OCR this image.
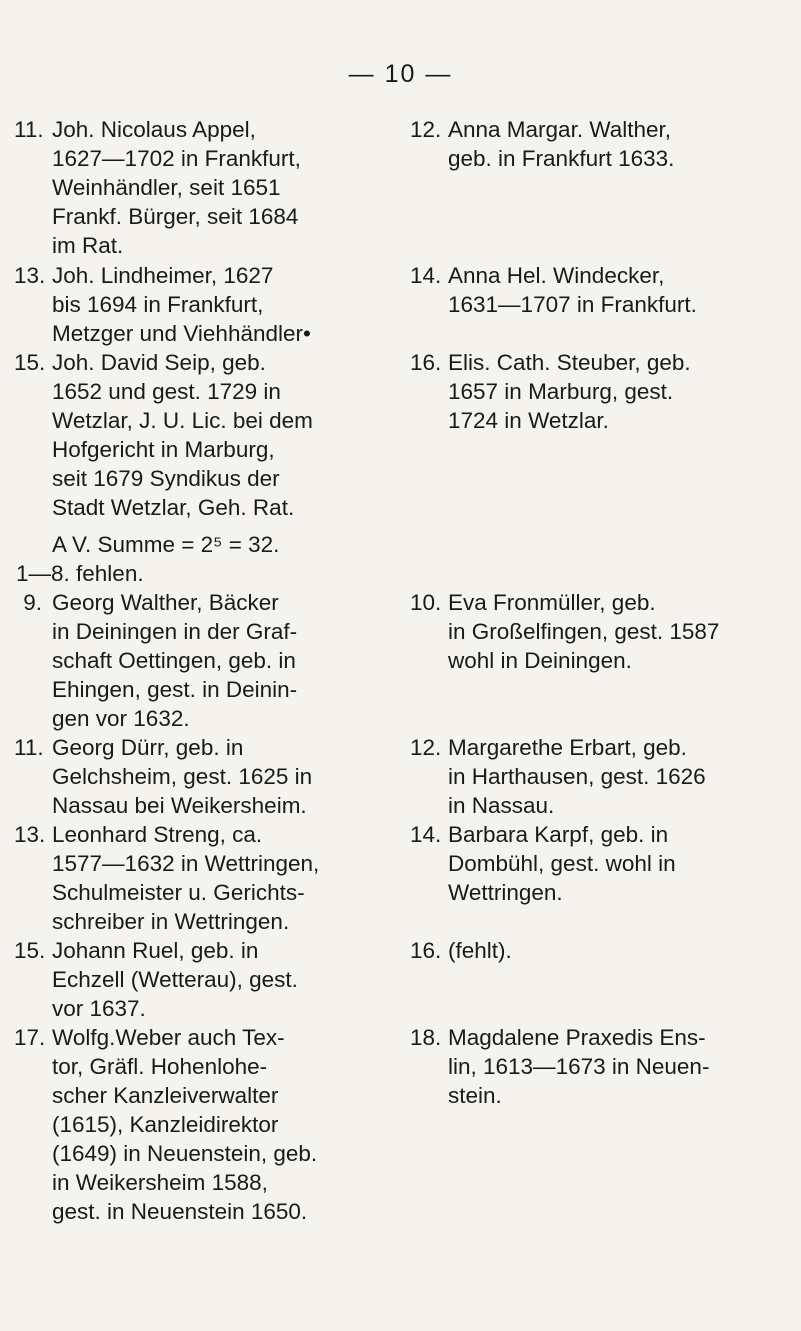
— 10 —
11. Joh. Nicolaus Appel,
1627—1702 in Frankfurt,
Weinhändler, seit 1651
Frankf. Bürger, seit 1684
im Rat.
13. Joh. Lindheimer, 1627
bis 1694 in Frankfurt,
Metzger und Viehhändler•
15. Joh. David Seip, geb.
1652 und gest. 1729 in
Wetzlar, J. U. Lic. bei dem
Hofgericht in Marburg,
seit 1679 Syndikus der
Stadt Wetzlar, Geh. Rat.
12. Anna Margar. Walther,
geb. in Frankfurt 1633.
14. Anna Hel. Windecker,
1631—1707 in Frankfurt.
16. Elis. Cath. Steuber, geb.
1657 in Marburg, gest.
1724 in Wetzlar.
A V. Summe = 2⁵ = 32.
1—8. fehlen.
9. Georg Walther, Bäcker
in Deiningen in der Graf-
schaft Oettingen, geb. in
Ehingen, gest. in Deinin-
gen vor 1632.
11. Georg Dürr, geb. in
Gelchsheim, gest. 1625 in
Nassau bei Weikersheim.
13. Leonhard Streng, ca.
1577—1632 in Wettringen,
Schulmeister u. Gerichts-
schreiber in Wettringen.
15. Johann Ruel, geb. in
Echzell (Wetterau), gest.
vor 1637.
17. Wolfg.Weber auch Tex-
tor, Gräfl. Hohenlohe-
scher Kanzleiverwalter
(1615), Kanzleidirektor
(1649) in Neuenstein, geb.
in Weikersheim 1588,
gest. in Neuenstein 1650.
10. Eva Fronmüller, geb.
in Großelfingen, gest. 1587
wohl in Deiningen.
12. Margarethe Erbart, geb.
in Harthausen, gest. 1626
in Nassau.
14. Barbara Karpf, geb. in
Dombühl, gest. wohl in
Wettringen.
16. (fehlt).
18. Magdalene Praxedis Ens-
lin, 1613—1673 in Neuen-
stein.
